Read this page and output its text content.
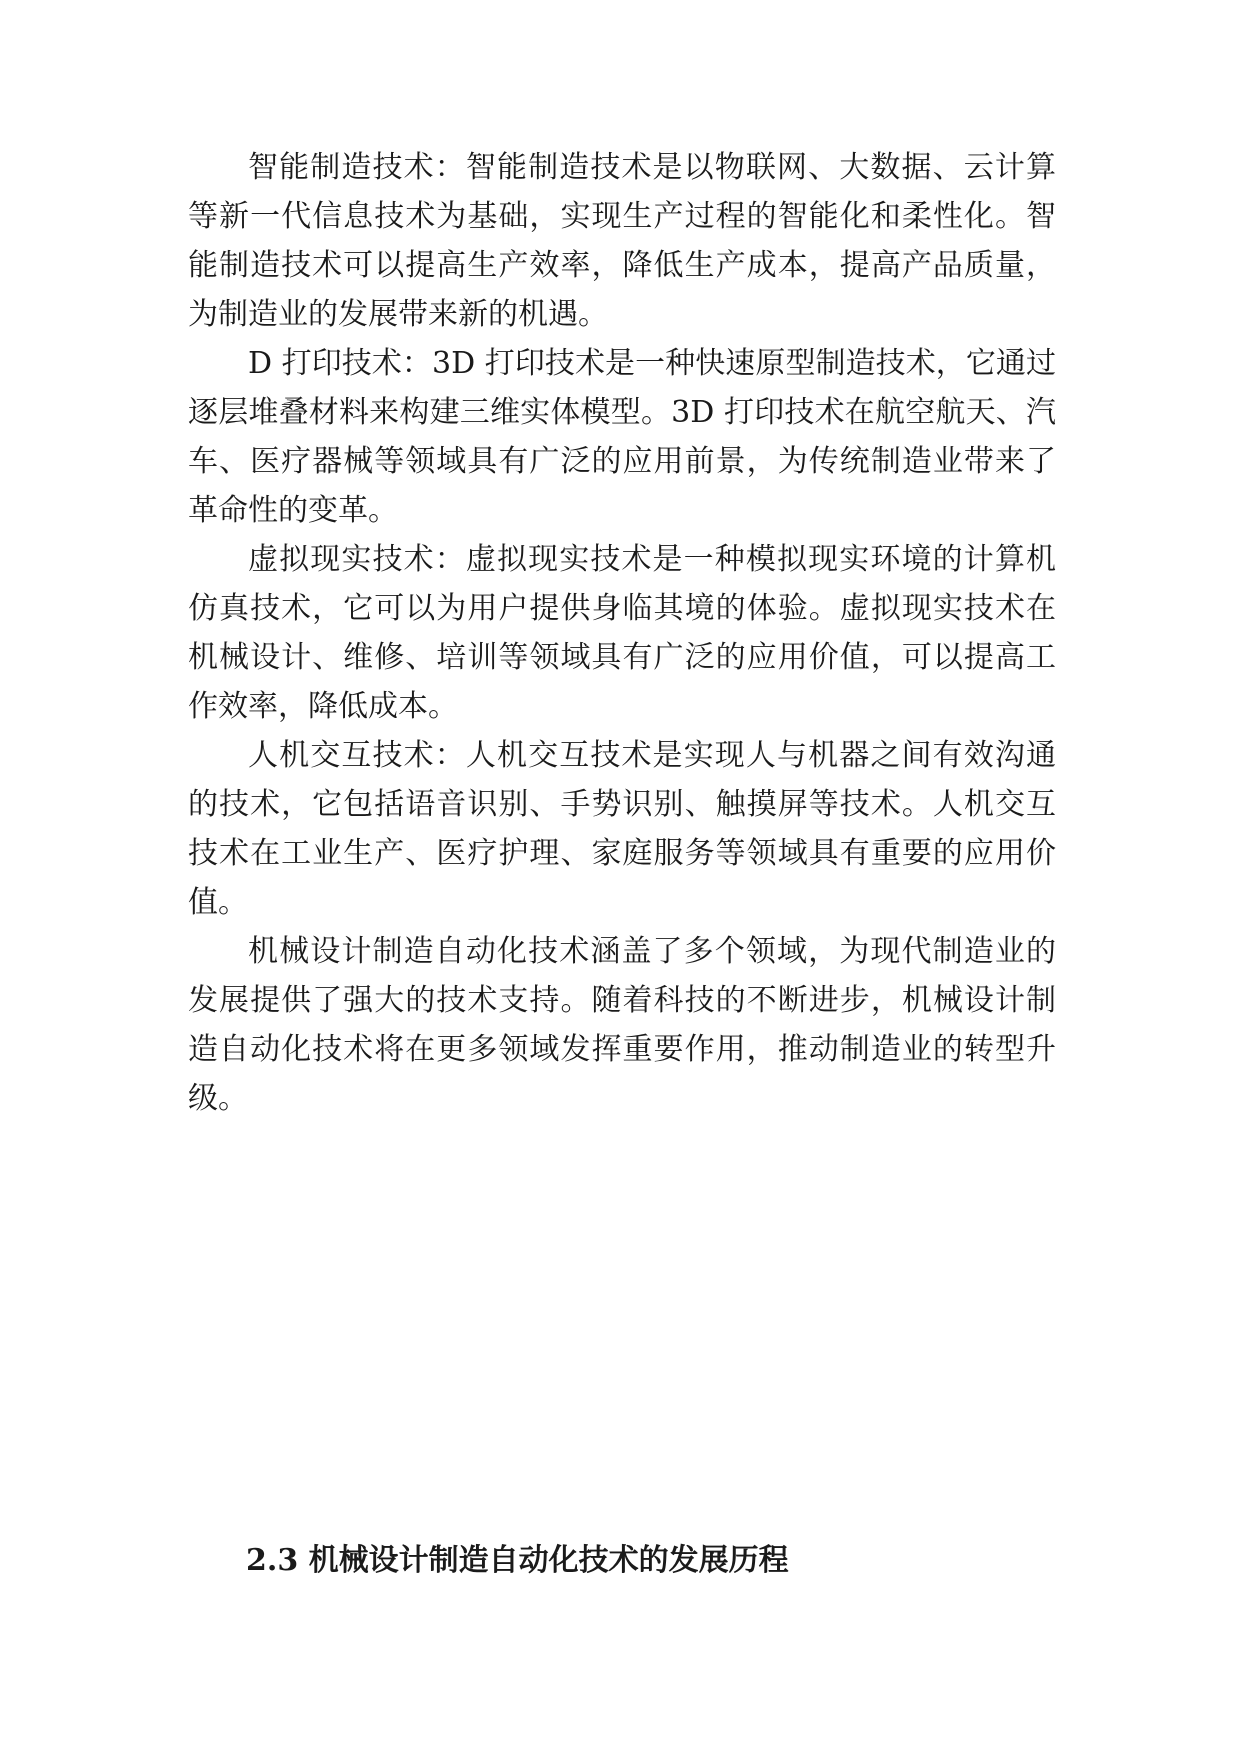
智能制造技术：智能制造技术是以物联网、大数据、云计算等新一代信息技术为基础，实现生产过程的智能化和柔性化。智能制造技术可以提高生产效率，降低生产成本，提高产品质量，为制造业的发展带来新的机遇。

D 打印技术：3D 打印技术是一种快速原型制造技术，它通过逐层堆叠材料来构建三维实体模型。3D 打印技术在航空航天、汽车、医疗器械等领域具有广泛的应用前景，为传统制造业带来了革命性的变革。

虚拟现实技术：虚拟现实技术是一种模拟现实环境的计算机仿真技术，它可以为用户提供身临其境的体验。虚拟现实技术在机械设计、维修、培训等领域具有广泛的应用价值，可以提高工作效率，降低成本。

人机交互技术：人机交互技术是实现人与机器之间有效沟通的技术，它包括语音识别、手势识别、触摸屏等技术。人机交互技术在工业生产、医疗护理、家庭服务等领域具有重要的应用价值。

机械设计制造自动化技术涵盖了多个领域，为现代制造业的发展提供了强大的技术支持。随着科技的不断进步，机械设计制造自动化技术将在更多领域发挥重要作用，推动制造业的转型升级。

2.3 机械设计制造自动化技术的发展历程
